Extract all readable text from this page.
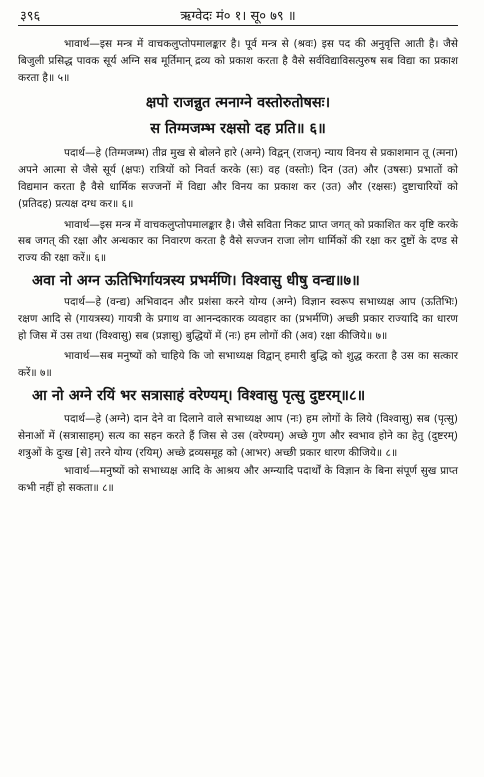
३९६	ऋग्वेदः मं० १। सू० ७९ ॥

भावार्थ—इस मन्त्र में वाचकलुप्तोपमालङ्कार है। पूर्व मन्त्र से (श्रवः) इस पद की अनुवृत्ति आती है। जैसे बिजुली प्रसिद्ध पावक सूर्य अग्नि सब मूर्तिमान् द्रव्य को प्रकाश करता है वैसे सर्वविद्याविसत्पुरुष सब विद्या का प्रकाश करता है॥ ५॥

क्षपो राजन्नुत त्मनाग्ने वस्तोरुतोषसः।

स तिग्मजम्भ रक्षसो दह प्रति॥ ६॥

पदार्थ—हे (तिग्मजम्भ) तीव्र मुख से बोलने हारे (अग्ने) विद्वन् (राजन्) न्याय विनय से प्रकाशमान तू (त्मना) अपने आत्मा से जैसे सूर्य (क्षपः) रात्रियों को निवर्त करके (सः) वह (वस्तोः) दिन (उत) और (उषसः) प्रभातों को विद्यमान करता है वैसे धार्मिक सज्जनों में विद्या और विनय का प्रकाश कर (उत) और (रक्षसः) दुष्टाचारियों को (प्रतिदह) प्रत्यक्ष दग्ध कर॥ ६॥

भावार्थ—इस मन्त्र में वाचकलुप्तोपमालङ्कार है। जैसे सविता निकट प्राप्त जगत् को प्रकाशित कर वृष्टि करके सब जगत् की रक्षा और अन्धकार का निवारण करता है वैसे सज्जन राजा लोग धार्मिकों की रक्षा कर दुष्टों के दण्ड से राज्य की रक्षा करें॥ ६॥

अवा नो अग्न ऊतिभिर्गायत्रस्य प्रभर्मणि। विश्वासु धीषु वन्द्य॥७॥

पदार्थ—हे (वन्द्य) अभिवादन और प्रशंसा करने योग्य (अग्ने) विज्ञान स्वरूप सभाध्यक्ष आप (ऊतिभिः) रक्षण आदि से (गायत्रस्य) गायत्री के प्रगाथ वा आनन्दकारक व्यवहार का (प्रभर्मणि) अच्छी प्रकार राज्यादि का धारण हो जिस में उस तथा (विश्वासु) सब (प्रज्ञासु) बुद्धियों में (नः) हम लोगों की (अव) रक्षा कीजिये॥ ७॥

भावार्थ—सब मनुष्यों को चाहिये कि जो सभाध्यक्ष विद्वान् हमारी बुद्धि को शुद्ध करता है उस का सत्कार करें॥ ७॥

आ नो अग्ने रयिं भर सत्रासाहं वरेण्यम्। विश्वासु पृत्सु दुष्टरम्॥८॥

पदार्थ—हे (अग्ने) दान देने वा दिलाने वाले सभाध्यक्ष आप (नः) हम लोगों के लिये (विश्वासु) सब (पृत्सु) सेनाओं में (सत्रासाहम्) सत्य का सहन करते हैं जिस से उस (वरेण्यम्) अच्छे गुण और स्वभाव होने का हेतु (दुष्टरम्) शत्रुओं के दुःख [से] तरने योग्य (रयिम्) अच्छे द्रव्यसमूह को (आभर) अच्छी प्रकार धारण कीजिये॥ ८॥

भावार्थ—मनुष्यों को सभाध्यक्ष आदि के आश्रय और अग्न्यादि पदार्थों के विज्ञान के बिना संपूर्ण सुख प्राप्त कभी नहीं हो सकता॥ ८॥
